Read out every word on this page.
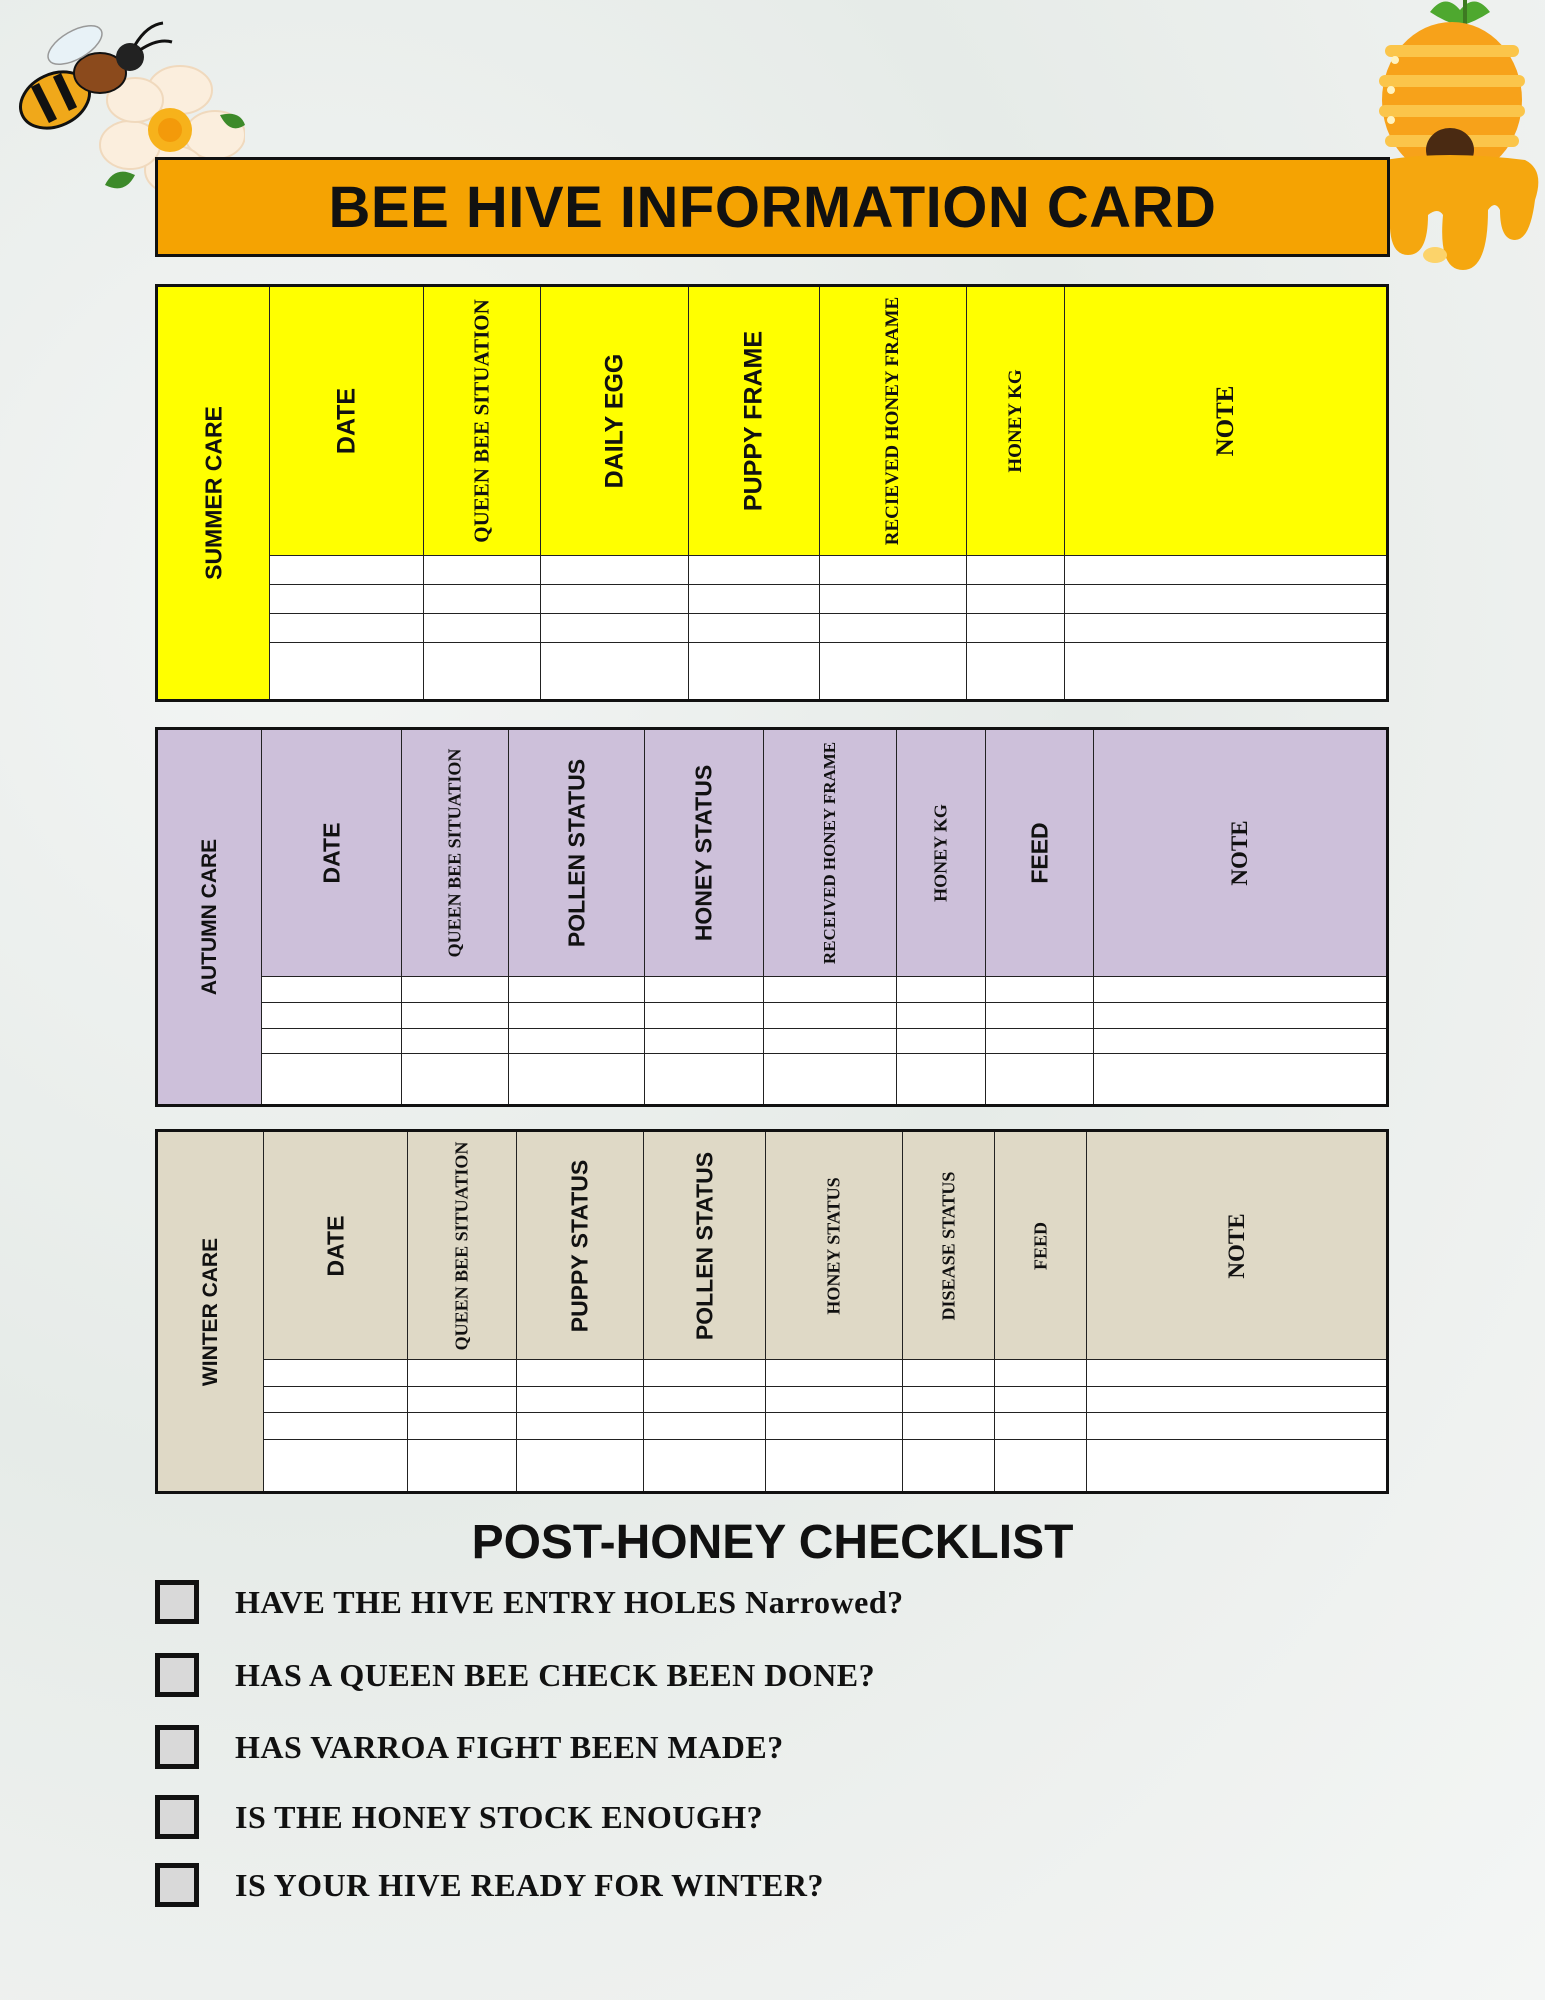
BEE HIVE INFORMATION CARD
SUMMER CARE	DATE	QUEEN BEE SITUATION	DAILY EGG	PUPPY FRAME	RECIEVED HONEY FRAME	HONEY KG	NOTE

AUTUMN CARE	DATE	QUEEN BEE SITUATION	POLLEN STATUS	HONEY STATUS	RECEIVED HONEY FRAME	HONEY KG	FEED	NOTE

WINTER CARE	DATE	QUEEN BEE SITUATION	PUPPY STATUS	POLLEN STATUS	HONEY STATUS	DISEASE STATUS	FEED	NOTE

POST-HONEY CHECKLIST
HAVE THE HIVE ENTRY HOLES Narrowed?
HAS A QUEEN BEE CHECK BEEN DONE?
HAS VARROA FIGHT BEEN MADE?
IS THE HONEY STOCK ENOUGH?
IS YOUR HIVE READY FOR WINTER?
